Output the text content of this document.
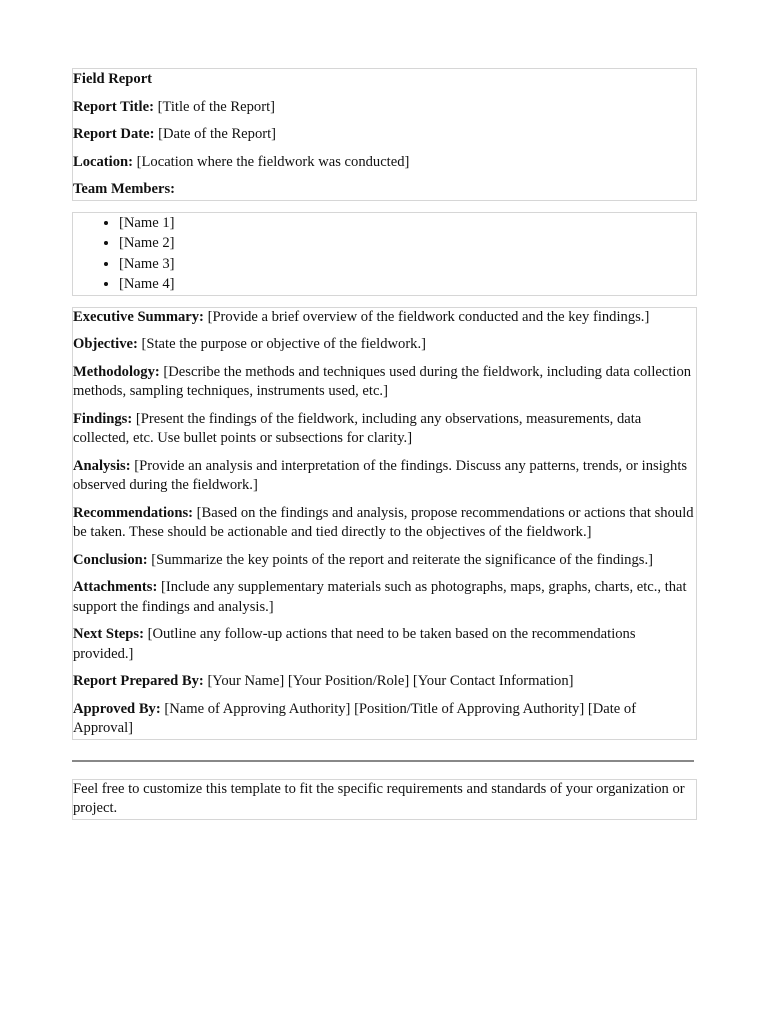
Field Report

Report Title: [Title of the Report]

Report Date: [Date of the Report]

Location: [Location where the fieldwork was conducted]

Team Members:

• [Name 1]
• [Name 2]
• [Name 3]
• [Name 4]

Executive Summary: [Provide a brief overview of the fieldwork conducted and the key findings.]

Objective: [State the purpose or objective of the fieldwork.]

Methodology: [Describe the methods and techniques used during the fieldwork, including data collection methods, sampling techniques, instruments used, etc.]

Findings: [Present the findings of the fieldwork, including any observations, measurements, data collected, etc. Use bullet points or subsections for clarity.]

Analysis: [Provide an analysis and interpretation of the findings. Discuss any patterns, trends, or insights observed during the fieldwork.]

Recommendations: [Based on the findings and analysis, propose recommendations or actions that should be taken. These should be actionable and tied directly to the objectives of the fieldwork.]

Conclusion: [Summarize the key points of the report and reiterate the significance of the findings.]

Attachments: [Include any supplementary materials such as photographs, maps, graphs, charts, etc., that support the findings and analysis.]

Next Steps: [Outline any follow-up actions that need to be taken based on the recommendations provided.]

Report Prepared By: [Your Name] [Your Position/Role] [Your Contact Information]

Approved By: [Name of Approving Authority] [Position/Title of Approving Authority] [Date of Approval]

Feel free to customize this template to fit the specific requirements and standards of your organization or project.
